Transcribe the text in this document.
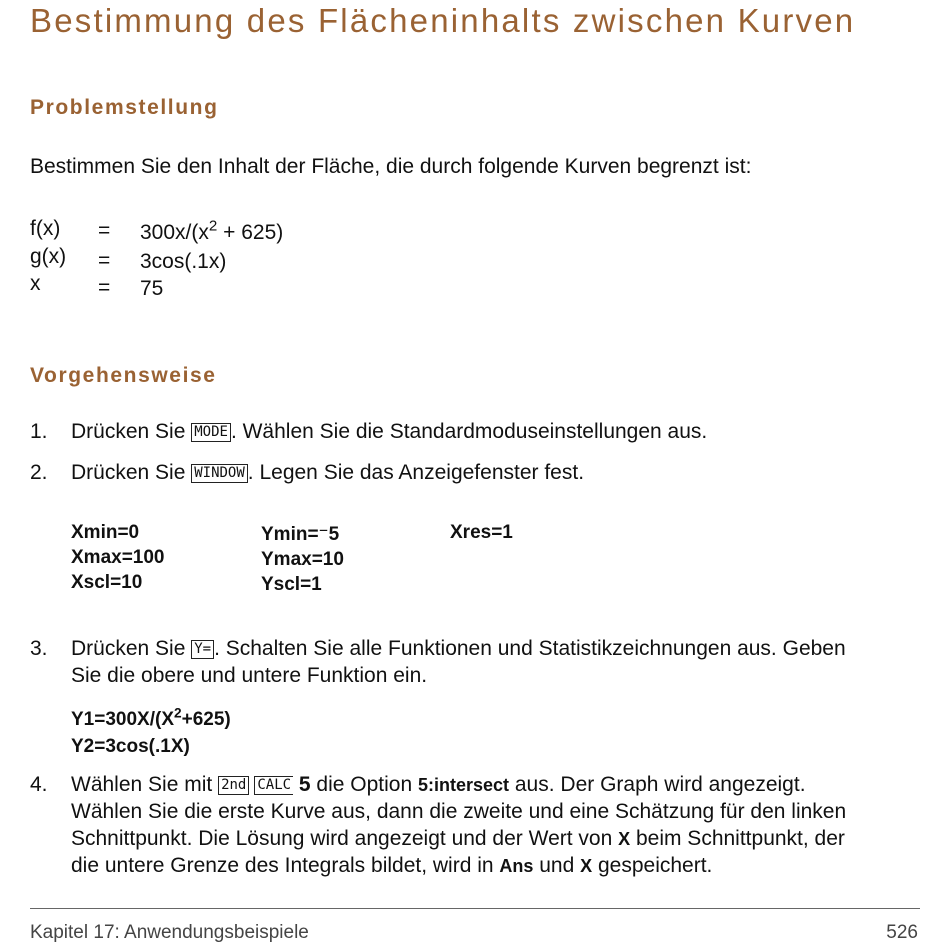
Bestimmung des Flächeninhalts zwischen Kurven
Problemstellung
Bestimmen Sie den Inhalt der Fläche, die durch folgende Kurven begrenzt ist:
$f(x) = 300x/(x^2 + 625)$
g(x) = 3cos(.1x)
x	= 75
Vorgehensweise
1. Drücken Sie MODE . Wählen Sie die Standardmoduseinstellungen aus.
2. Drücken Sie WINDOW . Legen Sie das Anzeigefenster fest.
Xmin=0
Xmax=100
Xscl=10
Ymin=⁻5
Ymax=10
Yscl=1
Xres=1
3. Drücken Sie Y= . Schalten Sie alle Funktionen und Statistikzeichnungen aus. Geben
Sie die obere und untere Funktion ein.
$Y1=300X/(X^2+625)$
Y2=3cos(.1X)
4. Wählen Sie mit 2nd CALC 5 die Option 5:intersect aus. Der Graph wird angezeigt.
Wählen Sie die erste Kurve aus, dann die zweite und eine Schätzung für den linken
Schnittpunkt. Die Lösung wird angezeigt und der Wert von X beim Schnittpunkt, der
die untere Grenze des Integrals bildet, wird in Ans und X gespeichert.
Kapitel 17: Anwendungsbeispiele	526
